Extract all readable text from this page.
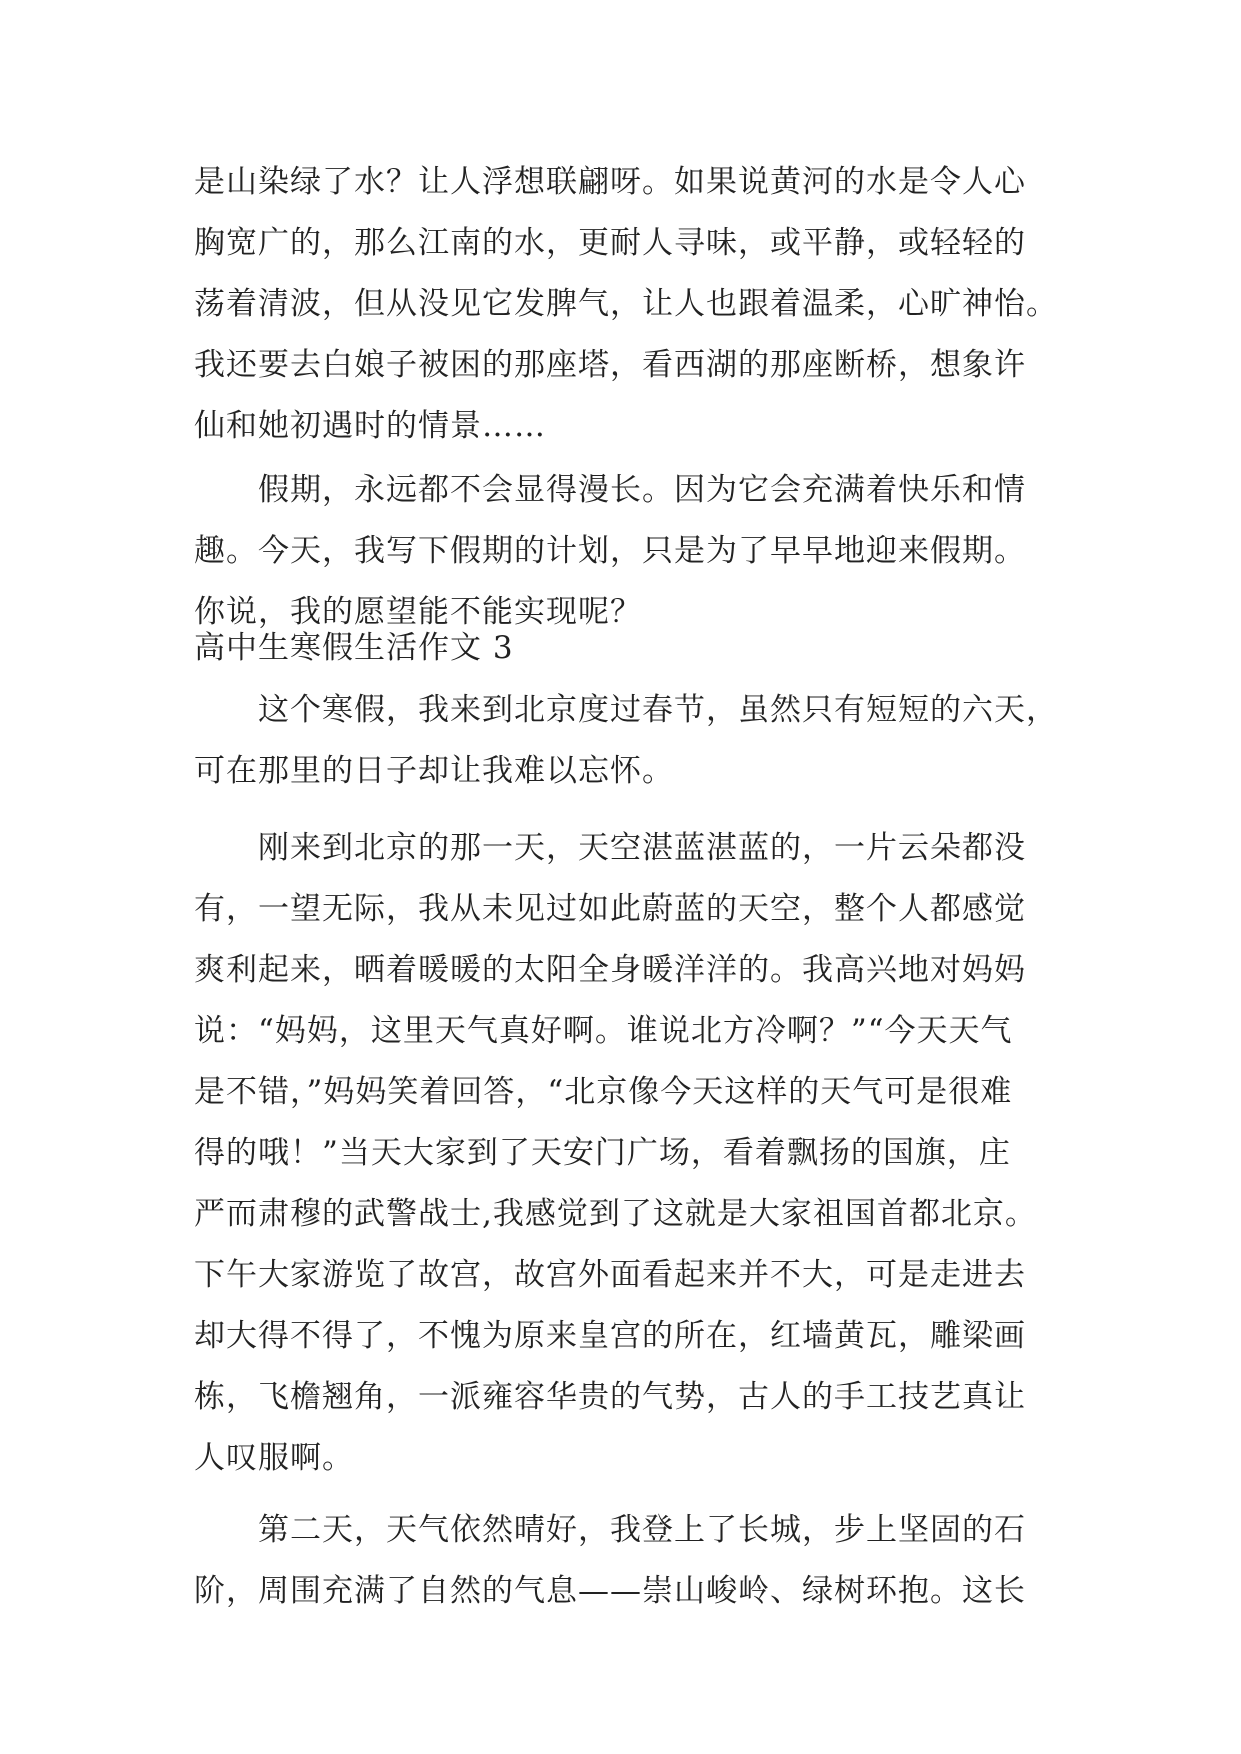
是山染绿了水？让人浮想联翩呀。如果说黄河的水是令人心
胸宽广的，那么江南的水，更耐人寻味，或平静，或轻轻的
荡着清波，但从没见它发脾气，让人也跟着温柔，心旷神怡。
我还要去白娘子被困的那座塔，看西湖的那座断桥，想象许
仙和她初遇时的情景……
假期，永远都不会显得漫长。因为它会充满着快乐和情
趣。今天，我写下假期的计划，只是为了早早地迎来假期。
你说，我的愿望能不能实现呢？
高中生寒假生活作文 3
这个寒假，我来到北京度过春节，虽然只有短短的六天，
可在那里的日子却让我难以忘怀。
刚来到北京的那一天，天空湛蓝湛蓝的，一片云朵都没
有，一望无际，我从未见过如此蔚蓝的天空，整个人都感觉
爽利起来，晒着暖暖的太阳全身暖洋洋的。我高兴地对妈妈
说：“妈妈，这里天气真好啊。谁说北方冷啊？”“今天天气
是不错，”妈妈笑着回答，“北京像今天这样的天气可是很难
得的哦！”当天大家到了天安门广场，看着飘扬的国旗，庄
严而肃穆的武警战士,我感觉到了这就是大家祖国首都北京。
下午大家游览了故宫，故宫外面看起来并不大，可是走进去
却大得不得了，不愧为原来皇宫的所在，红墙黄瓦，雕梁画
栋，飞檐翘角，一派雍容华贵的气势，古人的手工技艺真让
人叹服啊。
第二天，天气依然晴好，我登上了长城，步上坚固的石
阶，周围充满了自然的气息——崇山峻岭、绿树环抱。这长
